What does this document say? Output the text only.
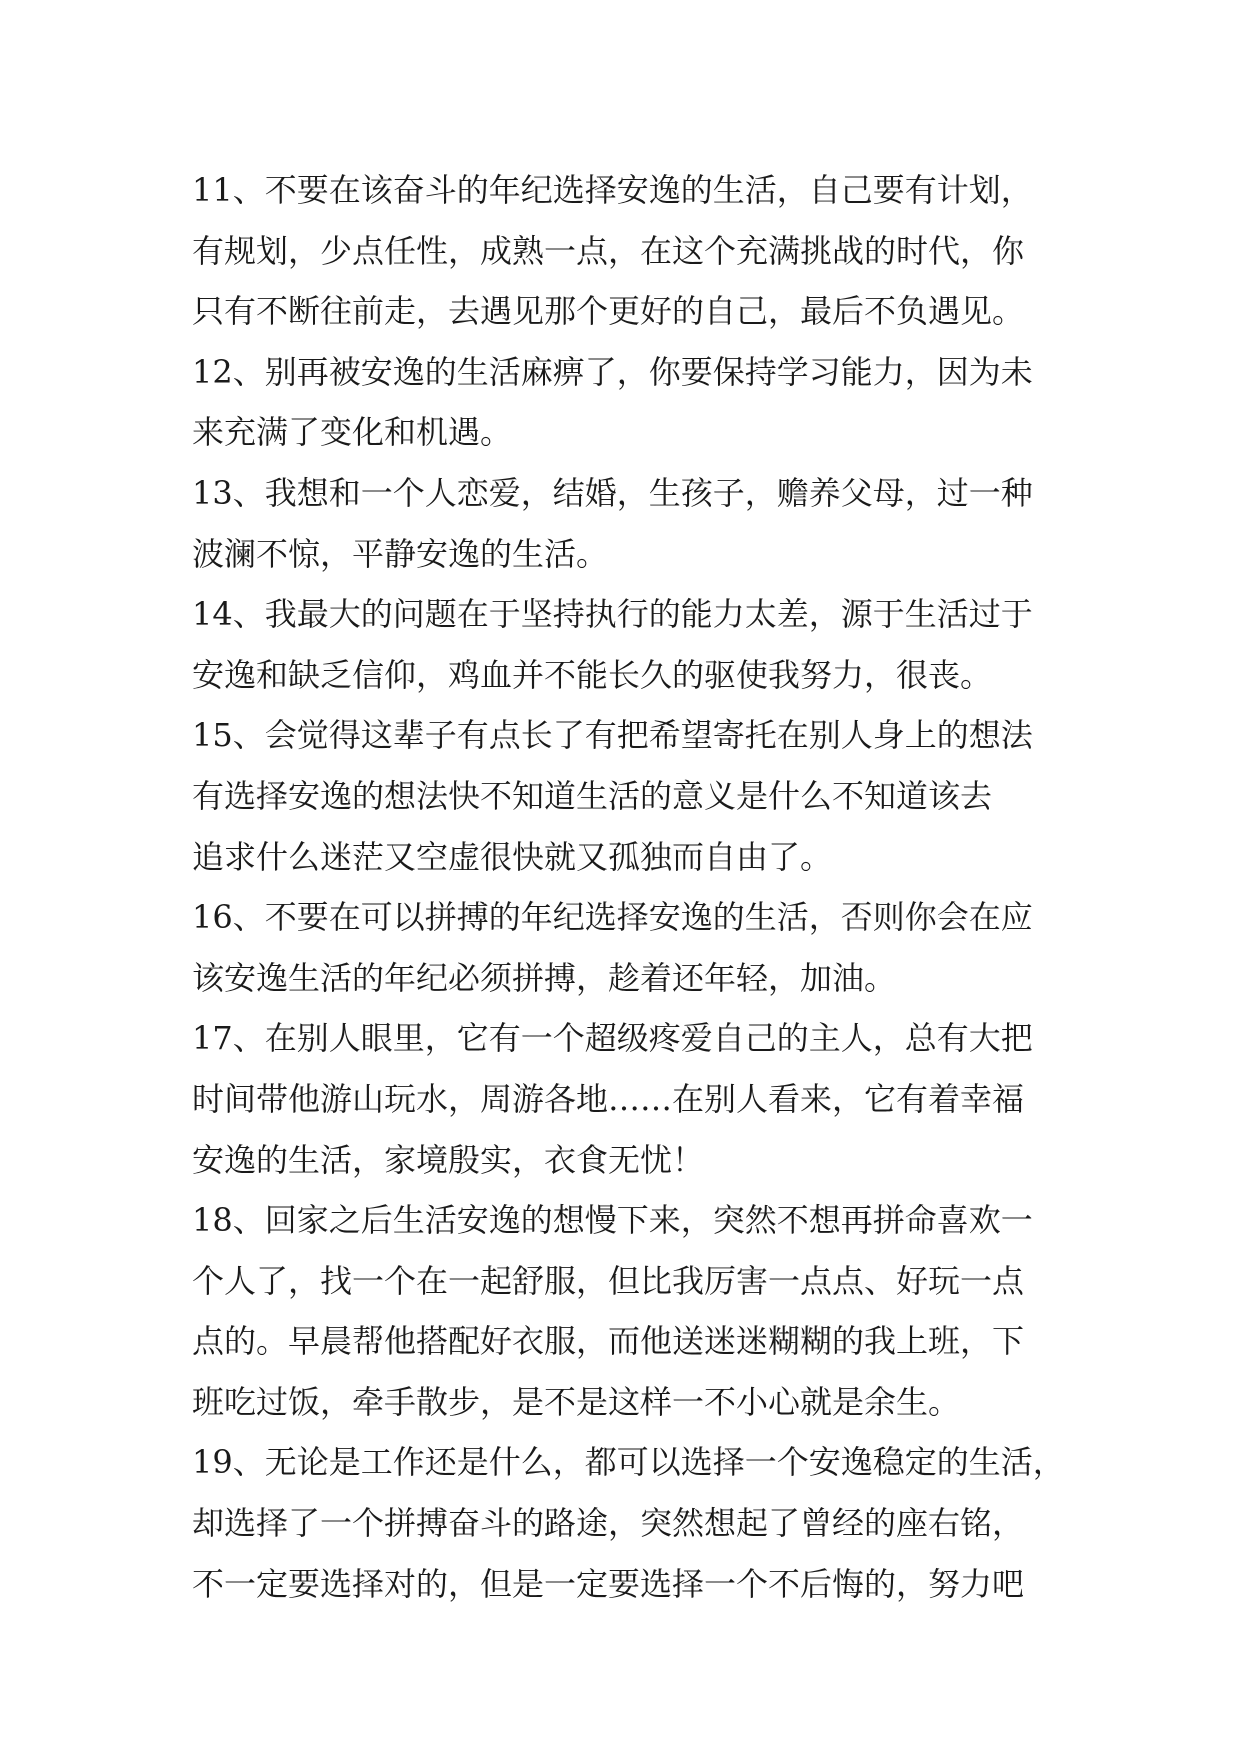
11、不要在该奋斗的年纪选择安逸的生活，自己要有计划，
有规划，少点任性，成熟一点，在这个充满挑战的时代，你
只有不断往前走，去遇见那个更好的自己，最后不负遇见。
12、别再被安逸的生活麻痹了，你要保持学习能力，因为未
来充满了变化和机遇。
13、我想和一个人恋爱，结婚，生孩子，赡养父母，过一种
波澜不惊，平静安逸的生活。
14、我最大的问题在于坚持执行的能力太差，源于生活过于
安逸和缺乏信仰，鸡血并不能长久的驱使我努力，很丧。
15、会觉得这辈子有点长了有把希望寄托在别人身上的想法
有选择安逸的想法快不知道生活的意义是什么不知道该去
追求什么迷茫又空虚很快就又孤独而自由了。
16、不要在可以拼搏的年纪选择安逸的生活，否则你会在应
该安逸生活的年纪必须拼搏，趁着还年轻，加油。
17、在别人眼里，它有一个超级疼爱自己的主人，总有大把
时间带他游山玩水，周游各地……在别人看来，它有着幸福
安逸的生活，家境殷实，衣食无忧！
18、回家之后生活安逸的想慢下来，突然不想再拼命喜欢一
个人了，找一个在一起舒服，但比我厉害一点点、好玩一点
点的。早晨帮他搭配好衣服，而他送迷迷糊糊的我上班，下
班吃过饭，牵手散步，是不是这样一不小心就是余生。
19、无论是工作还是什么，都可以选择一个安逸稳定的生活，
却选择了一个拼搏奋斗的路途，突然想起了曾经的座右铭，
不一定要选择对的，但是一定要选择一个不后悔的，努力吧
